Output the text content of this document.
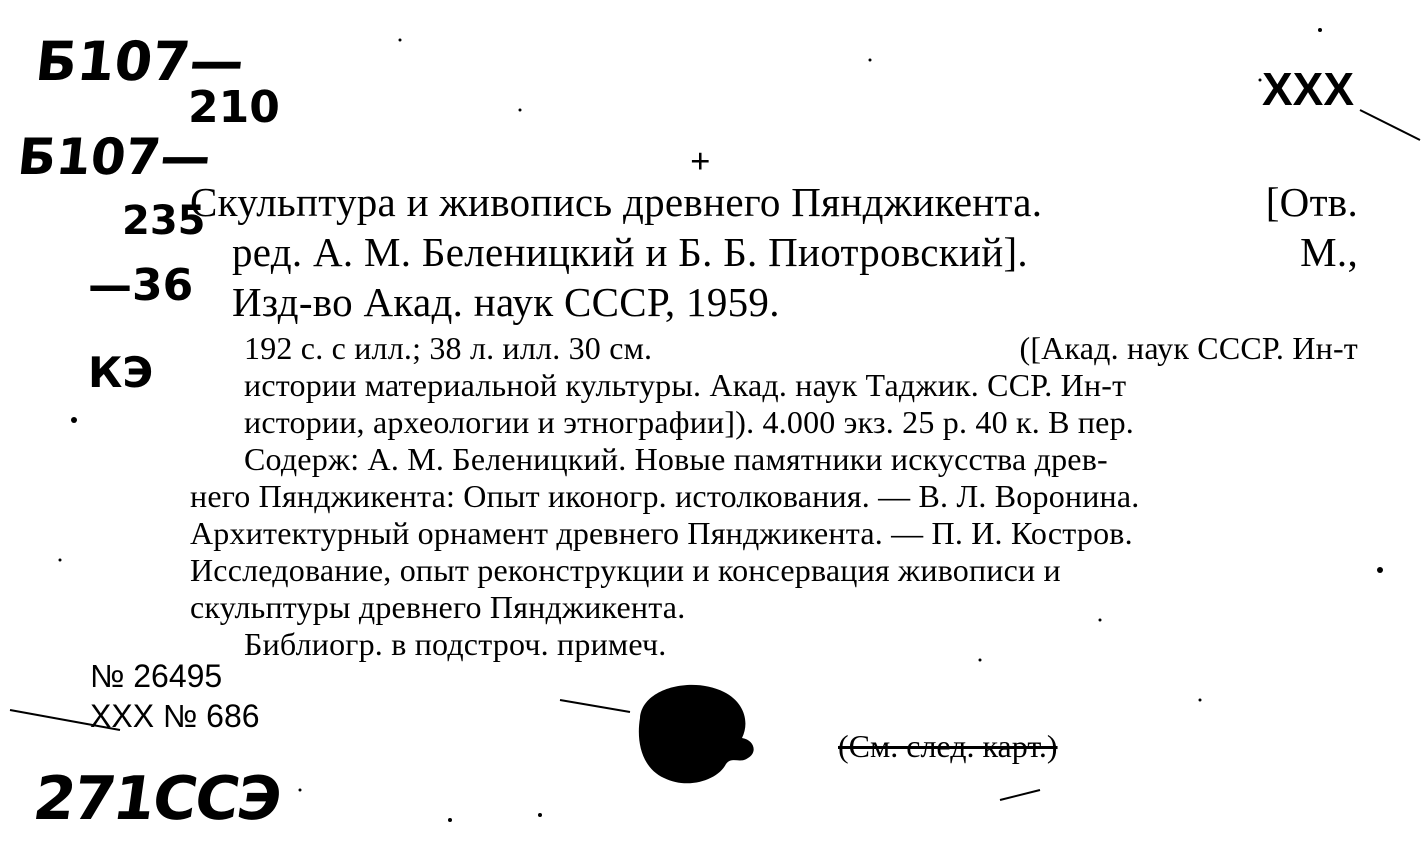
Б107—
210
Б107—
235
—36
КЭ
271ССЭ
+
XXX
Скульптура и живопись древнего Пянджикента.	[Отв.
ред. А. М. Беленицкий и Б. Б. Пиотровский].	М.,
Изд-во Акад. наук СССР, 1959.
192 с. с илл.; 38 л. илл. 30 см.	([Акад. наук СССР. Ин-т
истории материальной культуры. Акад. наук Таджик. ССР. Ин-т
истории, археологии и этнографии]). 4.000 экз. 25 р. 40 к. В пер.
Содерж: А. М. Беленицкий. Новые памятники искусства древ-
него Пянджикента: Опыт иконогр. истолкования. — В. Л. Воронина.
Архитектурный орнамент древнего Пянджикента. — П. И. Костров.
Исследование, опыт реконструкции и консервация живописи и
скульптуры древнего Пянджикента.
Библиогр. в подстроч. примеч.
№ 26495
XXX № 686
(См. след. карт.)
